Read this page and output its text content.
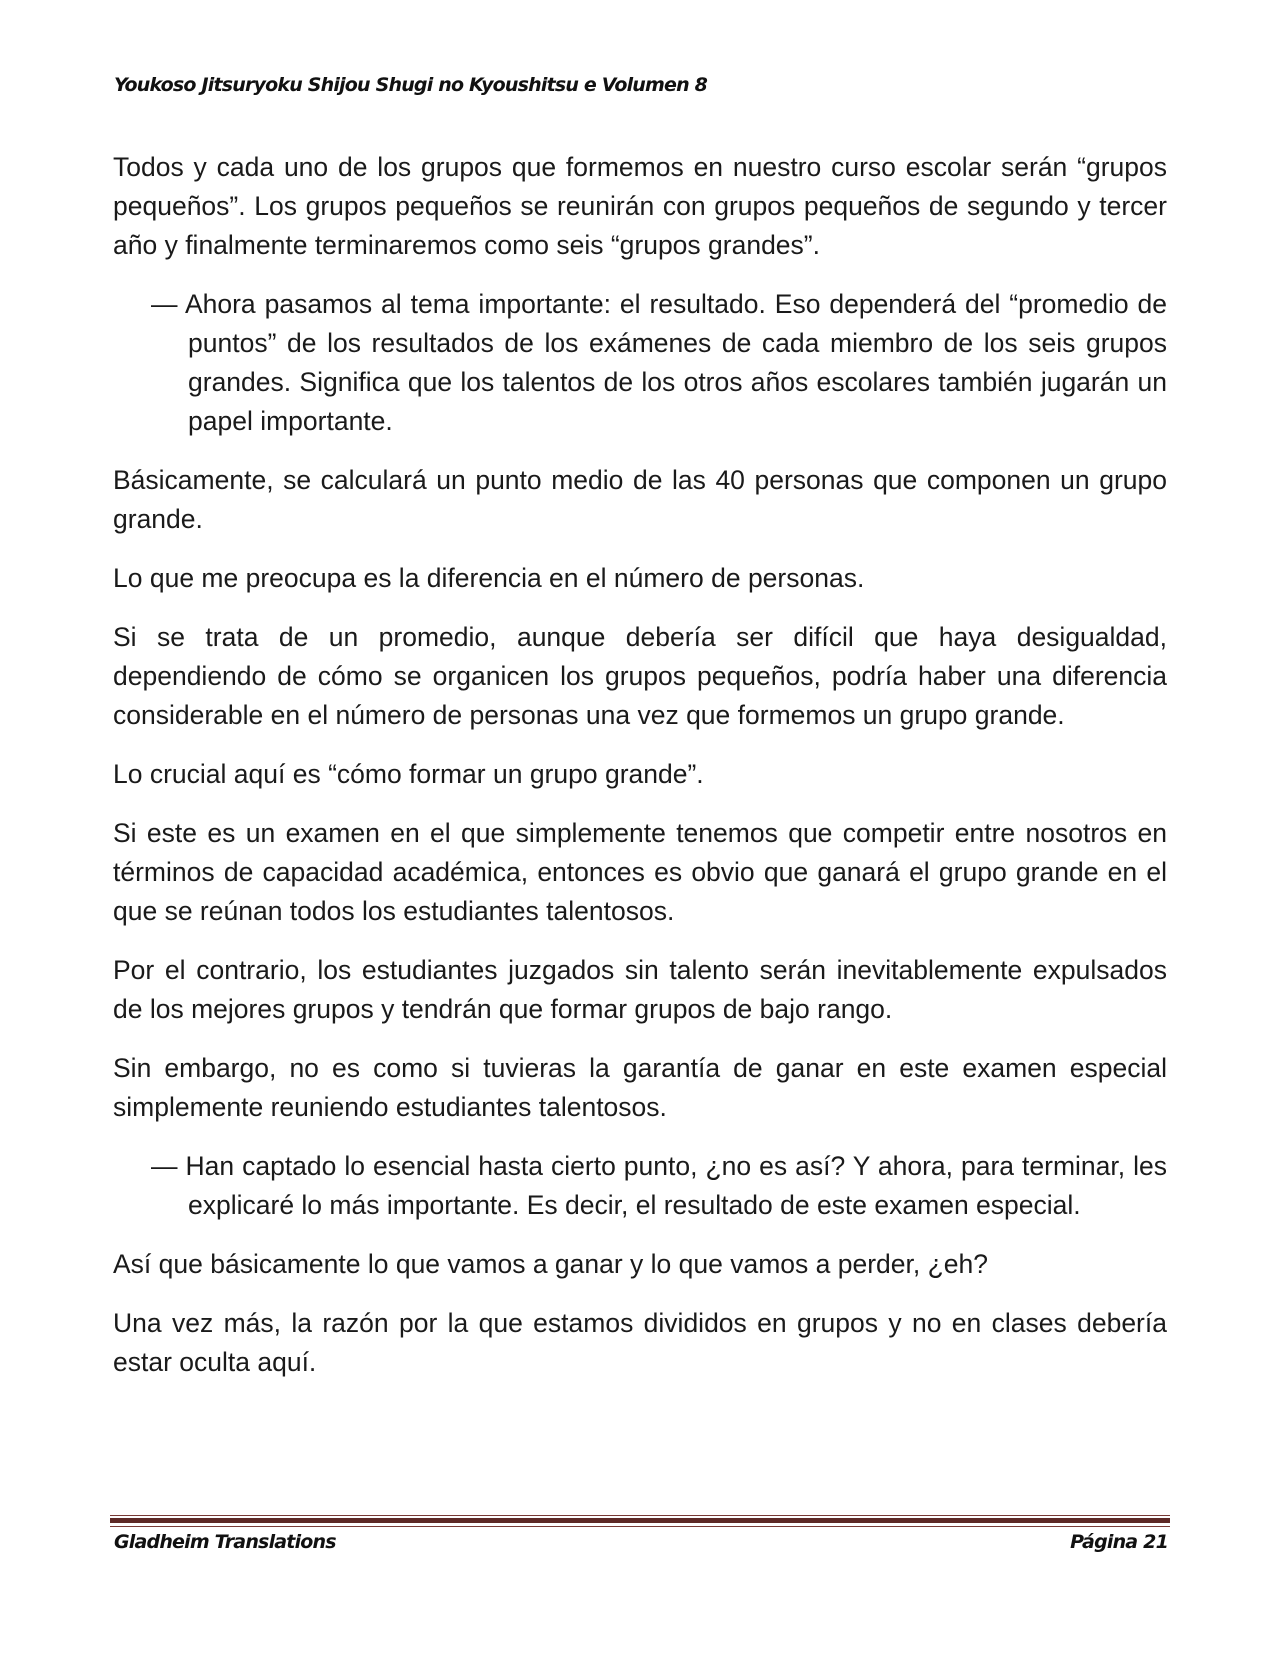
Youkoso Jitsuryoku Shijou Shugi no Kyoushitsu e Volumen 8

Todos y cada uno de los grupos que formemos en nuestro curso escolar serán “grupos pequeños”. Los grupos pequeños se reunirán con grupos pequeños de segundo y tercer año y finalmente terminaremos como seis “grupos grandes”.

— Ahora pasamos al tema importante: el resultado. Eso dependerá del “promedio de puntos” de los resultados de los exámenes de cada miembro de los seis grupos grandes. Significa que los talentos de los otros años escolares también jugarán un papel importante.

Básicamente, se calculará un punto medio de las 40 personas que componen un grupo grande.

Lo que me preocupa es la diferencia en el número de personas.

Si se trata de un promedio, aunque debería ser difícil que haya desigualdad, dependiendo de cómo se organicen los grupos pequeños, podría haber una diferencia considerable en el número de personas una vez que formemos un grupo grande.

Lo crucial aquí es “cómo formar un grupo grande”.

Si este es un examen en el que simplemente tenemos que competir entre nosotros en términos de capacidad académica, entonces es obvio que ganará el grupo grande en el que se reúnan todos los estudiantes talentosos.

Por el contrario, los estudiantes juzgados sin talento serán inevitablemente expulsados de los mejores grupos y tendrán que formar grupos de bajo rango.

Sin embargo, no es como si tuvieras la garantía de ganar en este examen especial simplemente reuniendo estudiantes talentosos.

— Han captado lo esencial hasta cierto punto, ¿no es así? Y ahora, para terminar, les explicaré lo más importante. Es decir, el resultado de este examen especial.

Así que básicamente lo que vamos a ganar y lo que vamos a perder, ¿eh?

Una vez más, la razón por la que estamos divididos en grupos y no en clases debería estar oculta aquí.

Gladheim Translations	Página 21
